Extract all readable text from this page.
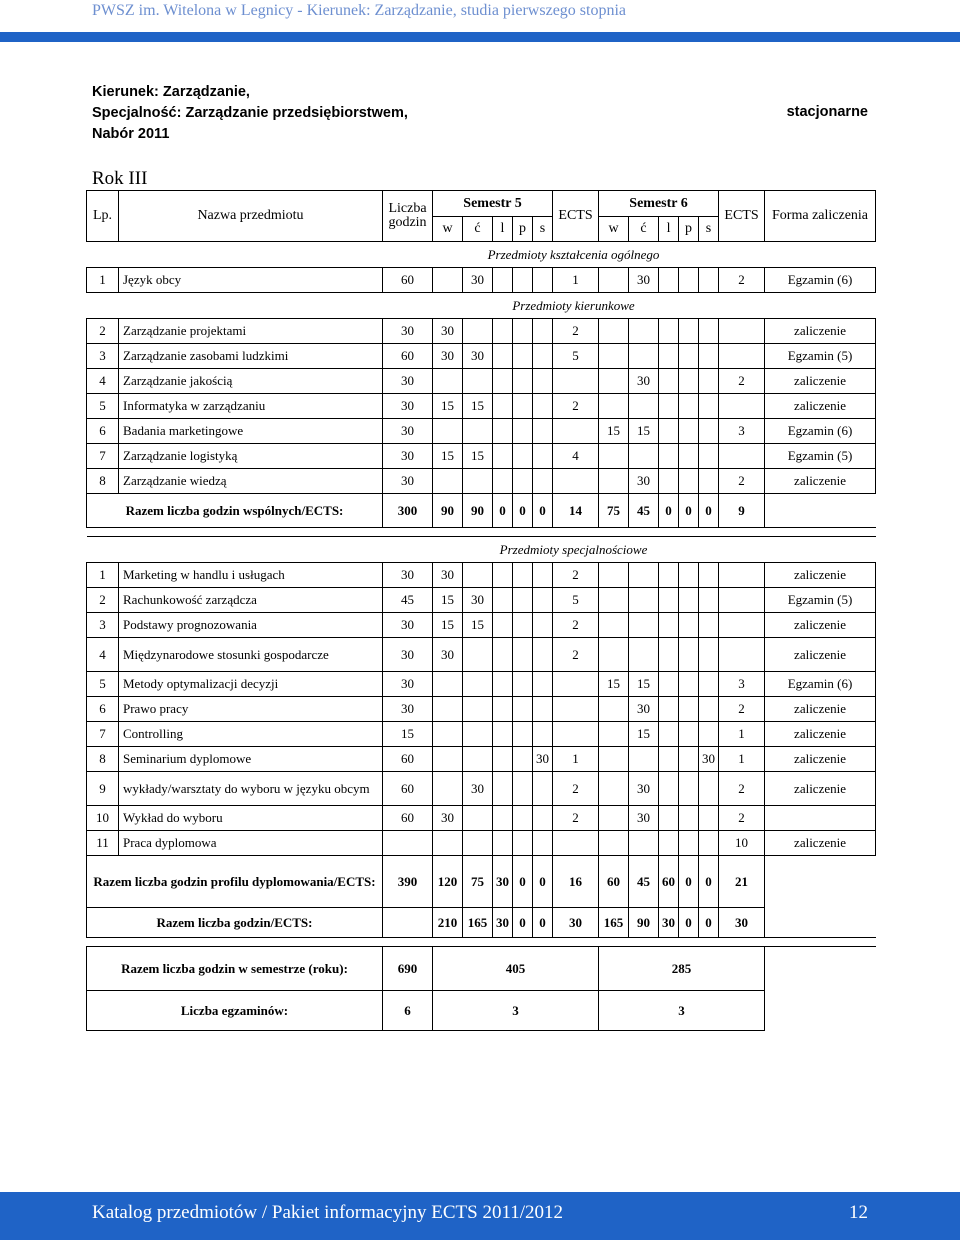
PWSZ im. Witelona w Legnicy - Kierunek: Zarządzanie, studia pierwszego stopnia
Kierunek: Zarządzanie,
Specjalność: Zarządzanie przedsiębiorstwem,
Nabór 2011
stacjonarne
Rok III
Lp.	Nazwa przedmiotu	Liczba godzin	Semestr 5					ECTS	Semestr 6					ECTS	Forma zaliczenia
			w	ć	l	p	s		w	ć	l	p	s		
		Przedmioty kształcenia ogólnego													
1	Język obcy	60		30				1		30				2	Egzamin (6)
		Przedmioty kierunkowe													
2	Zarządzanie projektami	30	30					2							zaliczenie
3	Zarządzanie zasobami ludzkimi	60	30	30				5							Egzamin (5)
4	Zarządzanie jakością	30								30				2	zaliczenie
5	Informatyka w zarządzaniu	30	15	15				2							zaliczenie
6	Badania marketingowe	30							15	15				3	Egzamin (6)
7	Zarządzanie logistyką	30	15	15				4							Egzamin (5)
8	Zarządzanie wiedzą	30								30				2	zaliczenie
Razem liczba godzin wspólnych/ECTS:		300	90	90	0	0	0	14	75	45	0	0	0	9	

		Przedmioty specjalnościowe													
1	Marketing w handlu i usługach	30	30					2							zaliczenie
2	Rachunkowość zarządcza	45	15	30				5							Egzamin (5)
3	Podstawy prognozowania	30	15	15				2							zaliczenie
4	Międzynarodowe stosunki gospodarcze	30	30					2							zaliczenie
5	Metody optymalizacji decyzji	30							15	15				3	Egzamin (6)
6	Prawo pracy	30								30				2	zaliczenie
7	Controlling	15								15				1	zaliczenie
8	Seminarium dyplomowe	60					30	1					30	1	zaliczenie
9	wykłady/warsztaty do wyboru w języku obcym	60		30				2		30				2	zaliczenie
10	Wykład do wyboru	60	30					2		30				2	
11	Praca dyplomowa													10	zaliczenie
Razem liczba godzin profilu dyplomowania/ECTS:		390	120	75	30	0	0	16	60	45	60	0	0	21	
Razem liczba godzin/ECTS:			210	165	30	0	0	30	165	90	30	0	0	30	

Razem liczba godzin w semestrze (roku):		690	405						285						
Liczba egzaminów:		6	3						3						
Katalog przedmiotów / Pakiet informacyjny ECTS 2011/2012	12
